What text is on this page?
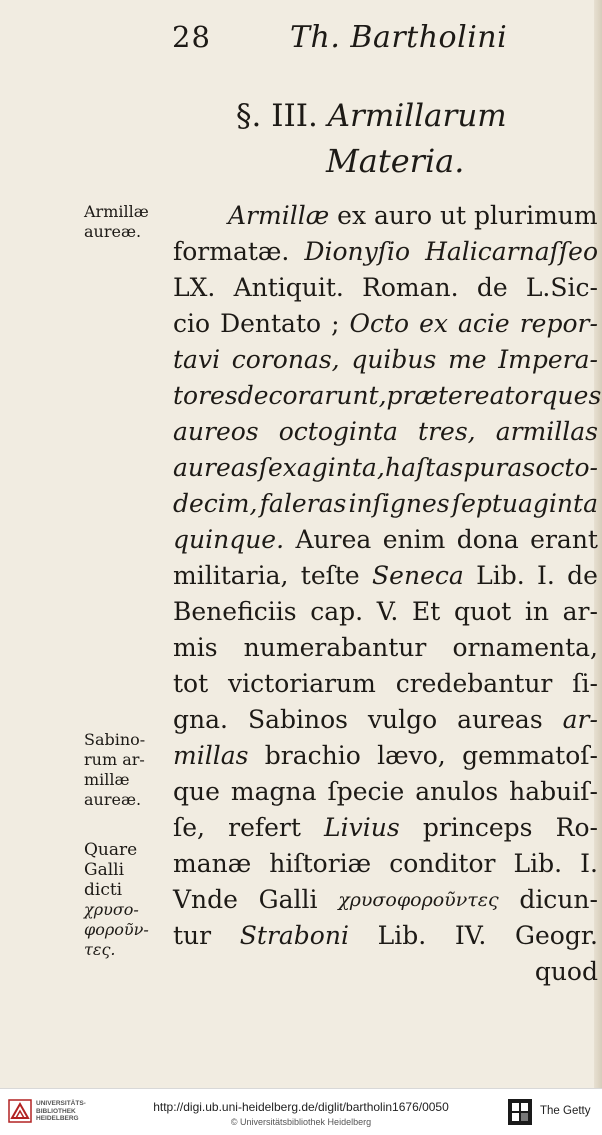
28	Th. Bartholini
§. III. Armillarum
Materia.
Armillæ ex auro ut plurimum
formatæ. Dionyſio Halicarnaſſeo
LX. Antiquit. Roman. de L.Sic-
cio Dentato ; Octo ex acie repor-
tavi coronas, quibus me Impera-
tores decorarunt, præterea torques
aureos octoginta tres, armillas
aureas ſexaginta, haſtas puras octo-
decim, faleras inſignes ſeptuaginta
quinque. Aurea enim dona erant
militaria, teſte Seneca Lib. I. de
Beneficiis cap. V. Et quot in ar-
mis numerabantur ornamenta,
tot victoriarum credebantur ſi-
gna. Sabinos vulgo aureas ar-
millas brachio lævo, gemmatoſ-
que magna ſpecie anulos habuiſ-
ſe, refert Livius princeps Ro-
manæ hiſtoriæ conditor Lib. I.
Vnde Galli χρυσοφοροῦντες dicun-
tur Straboni Lib. IV. Geogr.
quod
Armillæ
aureæ.
Sabino-
rum ar-
millæ
aureæ.
Quare
Galli
dicti
χρυσο-
φοροῦν-
τες.
UNIVERSITÄTS-
BIBLIOTHEK
HEIDELBERG
http://digi.ub.uni-heidelberg.de/diglit/bartholin1676/0050
© Universitätsbibliothek Heidelberg
The Getty
